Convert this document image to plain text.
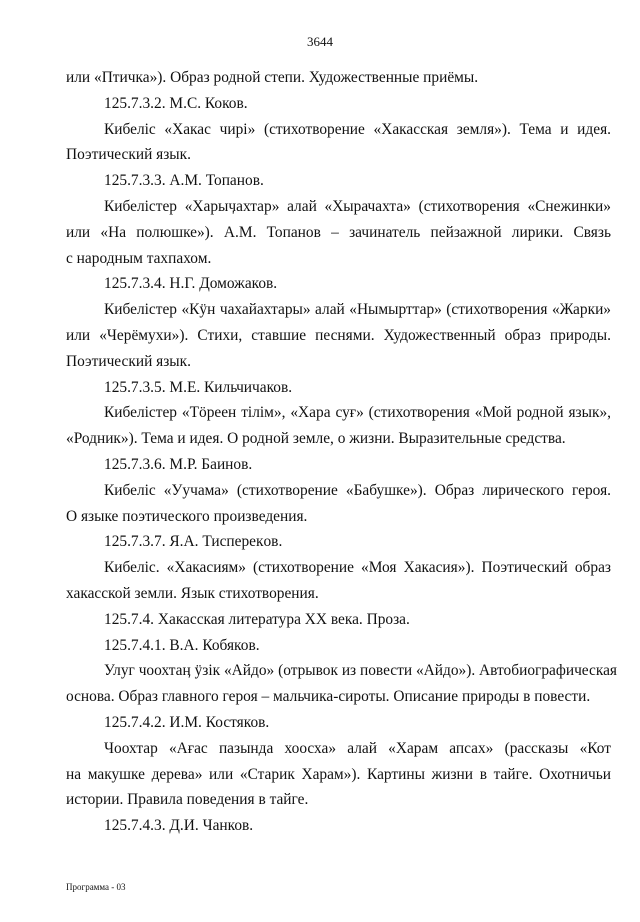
3644
или «Птичка»). Образ родной степи. Художественные приёмы.
125.7.3.2. М.С. Коков.
Кибеліс «Хакас чирі» (стихотворение «Хакасская земля»). Тема и идея.
Поэтический язык.
125.7.3.3. А.М. Топанов.
Кибелістер «Харыӌахтар» алай «Хырачахта» (стихотворения «Снежинки»
или «На полюшке»). А.М. Топанов – зачинатель пейзажной лирики. Связь
с народным тахпахом.
125.7.3.4. Н.Г. Доможаков.
Кибелістер «Кӱн чахайахтары» алай «Нымырттар» (стихотворения «Жарки»
или «Черёмухи»). Стихи, ставшие песнями. Художественный образ природы.
Поэтический язык.
125.7.3.5. М.Е. Кильчичаков.
Кибелістер «Тӧреен тілім», «Хара суғ» (стихотворения «Мой родной язык»,
«Родник»). Тема и идея. О родной земле, о жизни. Выразительные средства.
125.7.3.6. М.Р. Баинов.
Кибеліс «Уучама» (стихотворение «Бабушке»). Образ лирического героя.
О языке поэтического произведения.
125.7.3.7. Я.А. Тисперекoв.
Кибеліс. «Хакасиям» (стихотворение «Моя Хакасия»). Поэтический образ
хакасской земли. Язык стихотворения.
125.7.4. Хакасская литература XX века. Проза.
125.7.4.1. В.А. Кобяков.
Улуг чоохтаӊ ӱзік «Айдо» (отрывок из повести «Айдо»). Автобиографическая
основа. Образ главного героя – мальчика-сироты. Описание природы в повести.
125.7.4.2. И.М. Костяков.
Чоохтар «Ағас пазында хоосха» алай «Харам апсах» (рассказы «Кот
на макушке дерева» или «Старик Харам»). Картины жизни в тайге. Охотничьи
истории. Правила поведения в тайге.
125.7.4.3. Д.И. Чанков.
Программа - 03
